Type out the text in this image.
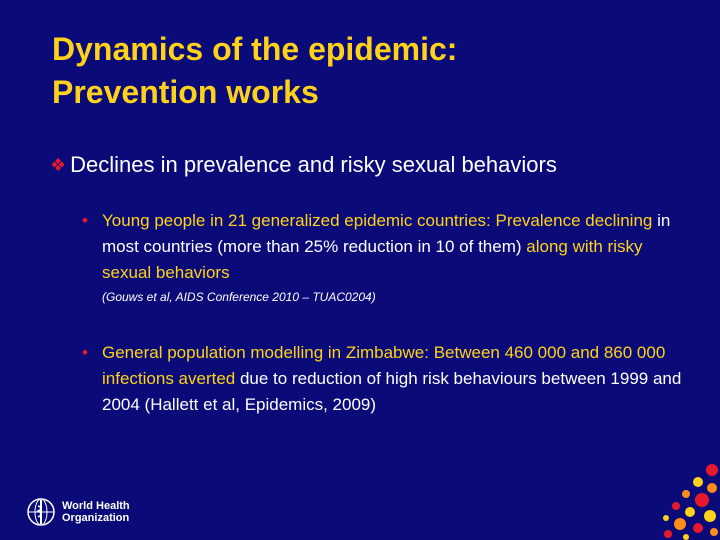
Dynamics of the epidemic:
Prevention works
❖ Declines in prevalence and risky sexual behaviors
• Young people in 21 generalized epidemic countries: Prevalence declining in most countries (more than 25% reduction in 10 of them) along with risky sexual behaviors
(Gouws et al, AIDS Conference 2010 – TUAC0204)
• General population modelling in Zimbabwe: Between 460 000 and 860 000 infections averted due to reduction of high risk behaviours between 1999 and 2004 (Hallett et al, Epidemics, 2009)
World Health
Organization
